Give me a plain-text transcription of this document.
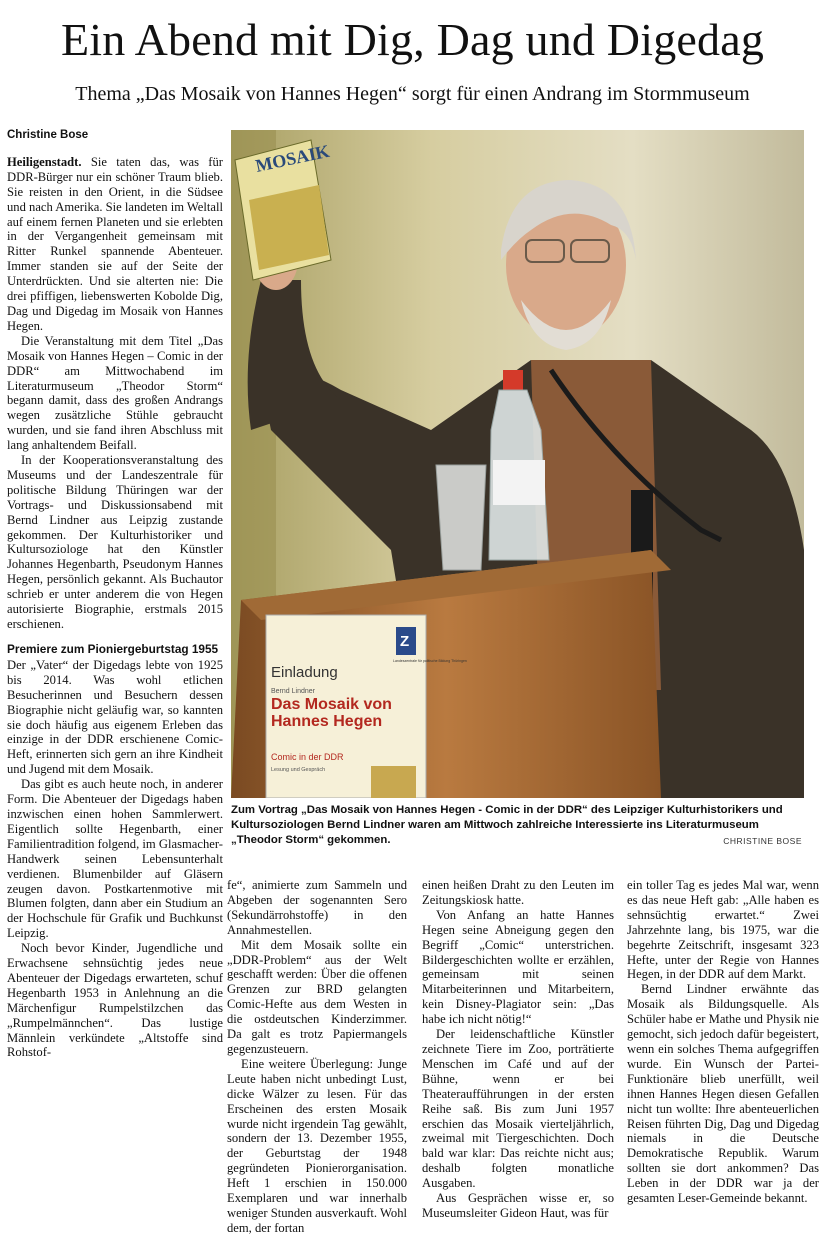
Ein Abend mit Dig, Dag und Digedag
Thema „Das Mosaik von Hannes Hegen“ sorgt für einen Andrang im Stormmuseum
Christine Bose

Heiligenstadt. Sie taten das, was für DDR-Bürger nur ein schöner Traum blieb. Sie reisten in den Orient, in die Südsee und nach Amerika. Sie landeten im Weltall auf einem fernen Planeten und sie erlebten in der Vergangenheit gemeinsam mit Ritter Runkel spannende Abenteuer. Immer standen sie auf der Seite der Unterdrückten. Und sie alterten nie: Die drei pfiffigen, liebenswerten Kobolde Dig, Dag und Digedag im Mosaik von Hannes Hegen.

Die Veranstaltung mit dem Titel „Das Mosaik von Hannes Hegen – Comic in der DDR“ am Mittwochabend im Literaturmuseum „Theodor Storm“ begann damit, dass des großen Andrangs wegen zusätzliche Stühle gebraucht wurden, und sie fand ihren Abschluss mit lang anhaltendem Beifall.

In der Kooperationsveranstaltung des Museums und der Landeszentrale für politische Bildung Thüringen war der Vortrags- und Diskussionsabend mit Bernd Lindner aus Leipzig zustande gekommen. Der Kulturhistoriker und Kultursoziologe hat den Künstler Johannes Hegenbarth, Pseudonym Hannes Hegen, persönlich gekannt. Als Buchautor schrieb er unter anderem die von Hegen autorisierte Biographie, erstmals 2015 erschienen.

Premiere zum Pioniergeburtstag 1955

Der „Vater“ der Digedags lebte von 1925 bis 2014. Was wohl etlichen Besucherinnen und Besuchern dessen Biographie nicht geläufig war, so kannten sie doch häufig aus eigenem Erleben das einzige in der DDR erschienene Comic-Heft, erinnerten sich gern an ihre Kindheit und Jugend mit dem Mosaik.

Das gibt es auch heute noch, in anderer Form. Die Abenteuer der Digedags haben inzwischen einen hohen Sammlerwert. Eigentlich sollte Hegenbarth, einer Familientradition folgend, im Glasmacher-Handwerk seinen Lebensunterhalt verdienen. Blumenbilder auf Gläsern zeugen davon. Postkartenmotive mit Blumen folgten, dann aber ein Studium an der Hochschule für Grafik und Buchkunst Leipzig.

Noch bevor Kinder, Jugendliche und Erwachsene sehnsüchtig jedes neue Abenteuer der Digedags erwarteten, schuf Hegenbarth 1953 in Anlehnung an die Märchenfigur Rumpelstilzchen das „Rumpelmännchen“. Das lustige Männlein verkündete „Altstoffe sind Rohstof-

fe“, animierte zum Sammeln und Abgeben der sogenannten Sero (Sekundärrohstoffe) in den Annahmestellen.

Mit dem Mosaik sollte ein „DDR-Problem“ aus der Welt geschafft werden: Über die offenen Grenzen zur BRD gelangten Comic-Hefte aus dem Westen in die ostdeutschen Kinderzimmer. Da galt es trotz Papiermangels gegenzusteuern.

Eine weitere Überlegung: Junge Leute haben nicht unbedingt Lust, dicke Wälzer zu lesen. Für das Erscheinen des ersten Mosaik wurde nicht irgendein Tag gewählt, sondern der 13. Dezember 1955, der Geburtstag der 1948 gegründeten Pionierorganisation. Heft 1 erschien in 150.000 Exemplaren und war innerhalb weniger Stunden ausverkauft. Wohl dem, der fortan

einen heißen Draht zu den Leuten im Zeitungskiosk hatte.

Von Anfang an hatte Hannes Hegen seine Abneigung gegen den Begriff „Comic“ unterstrichen. Bildergeschichten wollte er erzählen, gemeinsam mit seinen Mitarbeiterinnen und Mitarbeitern, kein Disney-Plagiator sein: „Das habe ich nicht nötig!“

Der leidenschaftliche Künstler zeichnete Tiere im Zoo, porträtierte Menschen im Café und auf der Bühne, wenn er bei Theateraufführungen in der ersten Reihe saß. Bis zum Juni 1957 erschien das Mosaik vierteljährlich, zweimal mit Tiergeschichten. Doch bald war klar: Das reichte nicht aus; deshalb folgten monatliche Ausgaben.

Aus Gesprächen wisse er, so Museumsleiter Gideon Haut, was für

ein toller Tag es jedes Mal war, wenn es das neue Heft gab: „Alle haben es sehnsüchtig erwartet.“ Zwei Jahrzehnte lang, bis 1975, war die begehrte Zeitschrift, insgesamt 323 Hefte, unter der Regie von Hannes Hegen, in der DDR auf dem Markt.

Bernd Lindner erwähnte das Mosaik als Bildungsquelle. Als Schüler habe er Mathe und Physik nie gemocht, sich jedoch dafür begeistert, wenn ein solches Thema aufgegriffen wurde. Ein Wunsch der Partei-Funktionäre blieb unerfüllt, weil ihnen Hannes Hegen diesen Gefallen nicht tun wollte: Ihre abenteuerlichen Reisen führten Dig, Dag und Digedag niemals in die Deutsche Demokratische Republik. Warum sollten sie dort ankommen? Das Leben in der DDR war ja der gesamten Leser-Gemeinde bekannt.

MOSAIK
Z
Landeszentrale für politische Bildung Thüringen
Einladung
Bernd Lindner
Das Mosaik von Hannes Hegen
Comic in der DDR
Lesung und Gespräch

Zum Vortrag „Das Mosaik von Hannes Hegen - Comic in der DDR“ des Leipziger Kulturhistorikers und Kultursoziologen Bernd Lindner waren am Mittwoch zahlreiche Interessierte ins Literaturmuseum „Theodor Storm“ gekommen.	CHRISTINE BOSE
